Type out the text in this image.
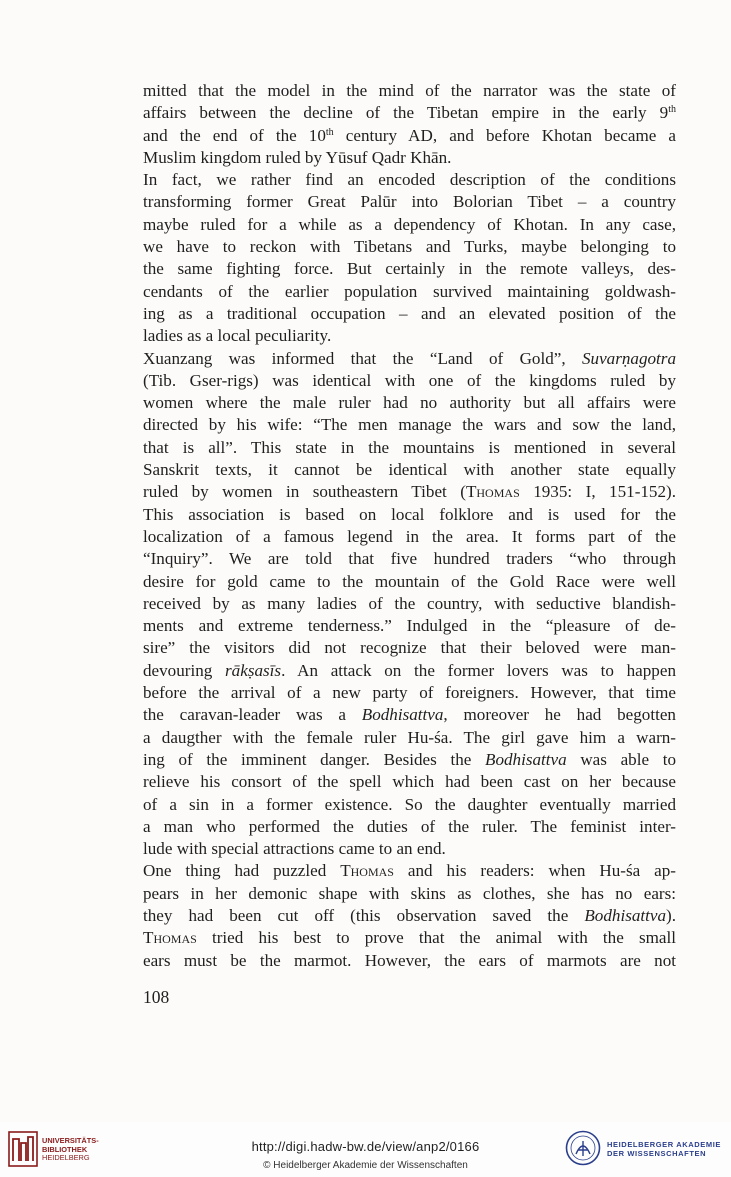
mitted that the model in the mind of the narrator was the state of
affairs between the decline of the Tibetan empire in the early 9th
and the end of the 10th century AD, and before Khotan became a
Muslim kingdom ruled by Yūsuf Qadr Khān.
In fact, we rather find an encoded description of the conditions
transforming former Great Palūr into Bolorian Tibet – a country
maybe ruled for a while as a dependency of Khotan. In any case,
we have to reckon with Tibetans and Turks, maybe belonging to
the same fighting force. But certainly in the remote valleys, des-
cendants of the earlier population survived maintaining goldwash-
ing as a traditional occupation – and an elevated position of the
ladies as a local peculiarity.
Xuanzang was informed that the “Land of Gold”, Suvarṇagotra
(Tib. Gser-rigs) was identical with one of the kingdoms ruled by
women where the male ruler had no authority but all affairs were
directed by his wife: “The men manage the wars and sow the land,
that is all”. This state in the mountains is mentioned in several
Sanskrit texts, it cannot be identical with another state equally
ruled by women in southeastern Tibet (Thomas 1935: I, 151-152).
This association is based on local folklore and is used for the
localization of a famous legend in the area. It forms part of the
“Inquiry”. We are told that five hundred traders “who through
desire for gold came to the mountain of the Gold Race were well
received by as many ladies of the country, with seductive blandish-
ments and extreme tenderness.” Indulged in the “pleasure of de-
sire” the visitors did not recognize that their beloved were man-
devouring rākṣasīs. An attack on the former lovers was to happen
before the arrival of a new party of foreigners. However, that time
the caravan-leader was a Bodhisattva, moreover he had begotten
a daugther with the female ruler Hu-śa. The girl gave him a warn-
ing of the imminent danger. Besides the Bodhisattva was able to
relieve his consort of the spell which had been cast on her because
of a sin in a former existence. So the daughter eventually married
a man who performed the duties of the ruler. The feminist inter-
lude with special attractions came to an end.
One thing had puzzled Thomas and his readers: when Hu-śa ap-
pears in her demonic shape with skins as clothes, she has no ears:
they had been cut off (this observation saved the Bodhisattva).
Thomas tried his best to prove that the animal with the small
ears must be the marmot. However, the ears of marmots are not
108
UNIVERSITÄTS-
BIBLIOTHEK
HEIDELBERG
http://digi.hadw-bw.de/view/anp2/0166
© Heidelberger Akademie der Wissenschaften
HEIDELBERGER AKADEMIE
DER WISSENSCHAFTEN
